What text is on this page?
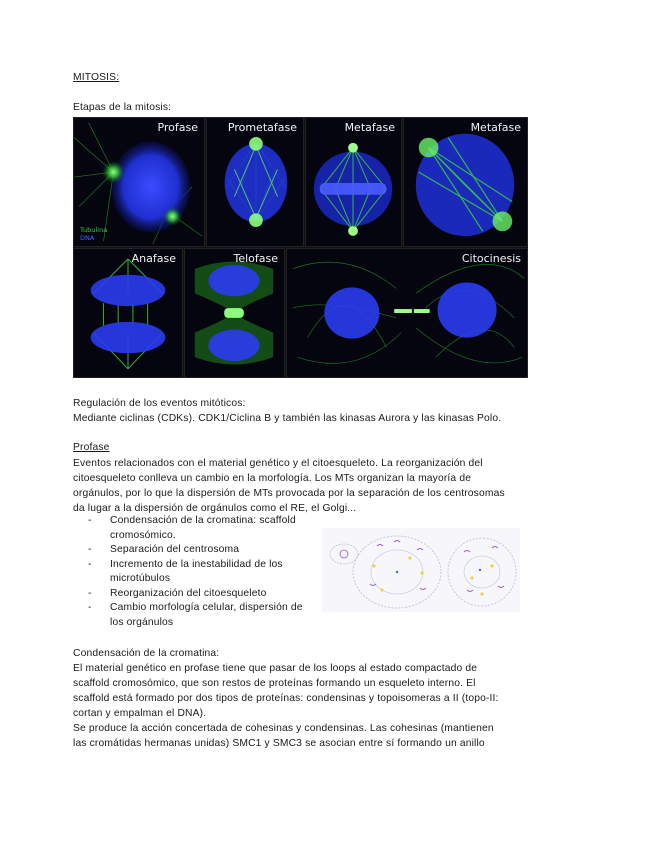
MITOSIS:
Etapas de la mitosis:
Profase
Tubulina
DNA
Prometafase	Metafase	Metafase
Anafase	Telofase	Citocinesis
Regulación de los eventos mitóticos:
Mediante ciclinas (CDKs). CDK1/Ciclina B y también las kinasas Aurora y las kinasas Polo.
Profase
Eventos relacionados con el material genético y el citoesqueleto. La reorganización del
citoesqueleto conlleva un cambio en la morfología. Los MTs organizan la mayoría de
orgánulos, por lo que la dispersión de MTs provocada por la separación de los centrosomas
da lugar a la dispersión de orgánulos como el RE, el Golgi...
- Condensación de la cromatina: scaffold
cromosómico.
- Separación del centrosoma
- Incremento de la inestabilidad de los
microtúbulos
- Reorganización del citoesqueleto
- Cambio morfología celular, dispersión de
los orgánulos
Condensación de la cromatina:
El material genético en profase tiene que pasar de los loops al estado compactado de
scaffold cromosómico, que son restos de proteínas formando un esqueleto interno. El
scaffold está formado por dos tipos de proteínas: condensinas y topoisomeras a II (topo-II:
cortan y empalman el DNA).
Se produce la acción concertada de cohesinas y condensinas. Las cohesinas (mantienen
las cromátidas hermanas unidas) SMC1 y SMC3 se asocian entre sí formando un anillo
